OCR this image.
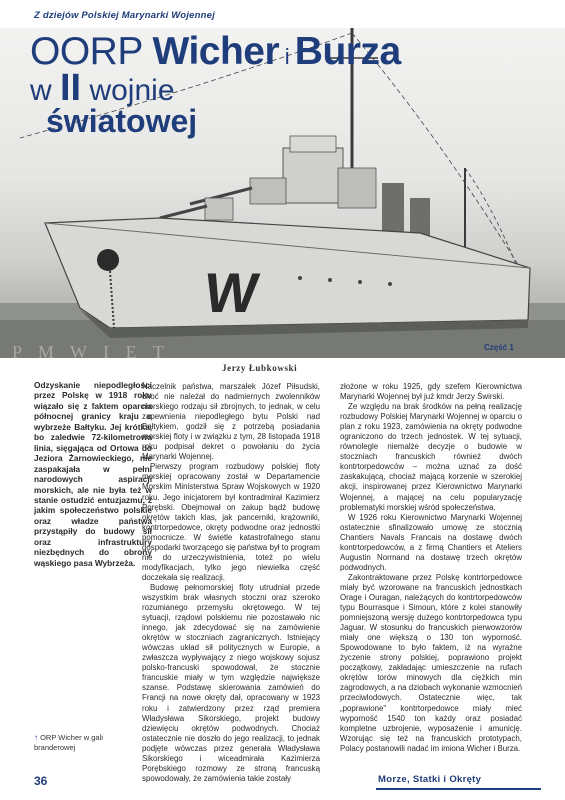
Z dziejów Polskiej Marynarki Wojennej
P M W I E T
W
OORP Wicher i Burza
w II wojnie
światowej
Część 1
Jerzy Łubkowski
Odzyskanie niepodległości przez Polskę w 1918 roku wiązało się z faktem oparcia północnej granicy kraju o wybrzeże Bałtyku. Jej krótka, bo zaledwie 72-kilometrowa linia, sięgająca od Ortowa do Jeziora Żarnowieckiego, nie zaspakajała w pełni narodowych aspiracji morskich, ale nie była też w stanie ostudzić entuzjazmu, z jakim społeczeństwo polskie oraz władze państwa przystąpiły do budowy sił oraz infrastruktury niezbędnych do obrony wąskiego pasa Wybrzeża.
↑ ORP Wicher w gali branderowej

Naczelnik państwa, marszałek Józef Piłsudski, choć nie należał do nadmiernych zwolenników morskiego rodzaju sił zbrojnych, to jednak, w celu zapewnienia niepodległego bytu Polski nad Bałtykiem, godził się z potrzebą posiadania morskiej floty i w związku z tym, 28 listopada 1918 roku podpisał dekret o powołaniu do życia Marynarki Wojennej.

Pierwszy program rozbudowy polskiej floty morskiej opracowany został w Departamencie Morskim Ministerstwa Spraw Wojskowych w 1920 roku. Jego inicjatorem był kontradmirał Kazimierz Porębski. Obejmował on zakup bądź budowę okrętów takich klas, jak pancerniki, krążowniki, kontrtorpedowce, okręty podwodne oraz jednostki pomocnicze. W świetle katastrofalnego stanu gospodarki tworzącego się państwa był to program nie do urzeczywistnienia, toteż po wielu modyfikacjach, tylko jego niewielka część doczekała się realizacji.

Budowę pełnomorskiej floty utrudniał przede wszystkim brak własnych stoczni oraz szeroko rozumianego przemysłu okrętowego. W tej sytuacji, rządowi polskiemu nie pozostawało nic innego, jak zdecydować się na zamówienie okrętów w stoczniach zagranicznych. Istniejący wówczas układ sił politycznych w Europie, a zwłaszcza wypływający z niego wojskowy sojusz polsko-francuski spowodował, że stocznie francuskie miały w tym względzie największe szanse. Podstawę skierowania zamówień do Francji na nowe okręty dał, opracowany w 1923 roku i zatwierdzony przez rząd premiera Władysława Sikorskiego, projekt budowy dziewięciu okrętów podwodnych. Chociaż ostatecznie nie doszło do jego realizacji, to jednak podjęte wówczas przez generała Władysława Sikorskiego i wiceadmirała Kazimierza Porębskiego rozmowy ze stroną francuską spowodowały, że zamówienia takie zostały

złożone w roku 1925, gdy szefem Kierownictwa Marynarki Wojennej był już kmdr Jerzy Świrski.

Ze względu na brak środków na pełną realizację rozbudowy Polskiej Marynarki Wojennej w oparciu o plan z roku 1923, zamówienia na okręty podwodne ograniczono do trzech jednostek. W tej sytuacji, równolegle niemalże decyzje o budowie w stoczniach francuskich również dwóch kontrtorpedowców – można uznać za dość zaskakującą, chociaż mającą korzenie w szerokiej akcji, inspirowanej przez Kierownictwo Marynarki Wojennej, a mającej na celu popularyzację problematyki morskiej wśród społeczeństwa.

W 1926 roku Kierownictwo Marynarki Wojennej ostatecznie sfinalizowało umowę ze stocznią Chantiers Navals Francais na dostawę dwóch kontrtorpedowców, a z firmą Chantiers et Ateliers Augustin Normand na dostawę trzech okrętów podwodnych.

Zakontraktowane przez Polskę kontrtorpedowce miały być wzorowane na francuskich jednostkach Orage i Ouragan, należących do kontrtorpedowców typu Bourrasque i Simoun, które z kolei stanowiły pomniejszoną wersję dużego kontrtorpedowca typu Jaguar. W stosunku do francuskich pierwowzorów miały one większą o 130 ton wyporność. Spowodowane to było faktem, iż na wyraźne życzenie strony polskiej, poprawiono projekt początkowy, zakładając umieszczenie na rufach okrętów torów minowych dla ciężkich min zagrodowych, a na dziobach wykonanie wzmocnień przeciwlodowych. Ostatecznie więc, tak „poprawione" kontrtorpedowce miały mieć wyporność 1540 ton każdy oraz posiadać kompletne uzbrojenie, wyposażenie i amunicję. Wzorując się też na francuskich prototypach, Polacy postanowili nadać im imiona Wicher i Burza.

36	Morze, Statki i Okręty
